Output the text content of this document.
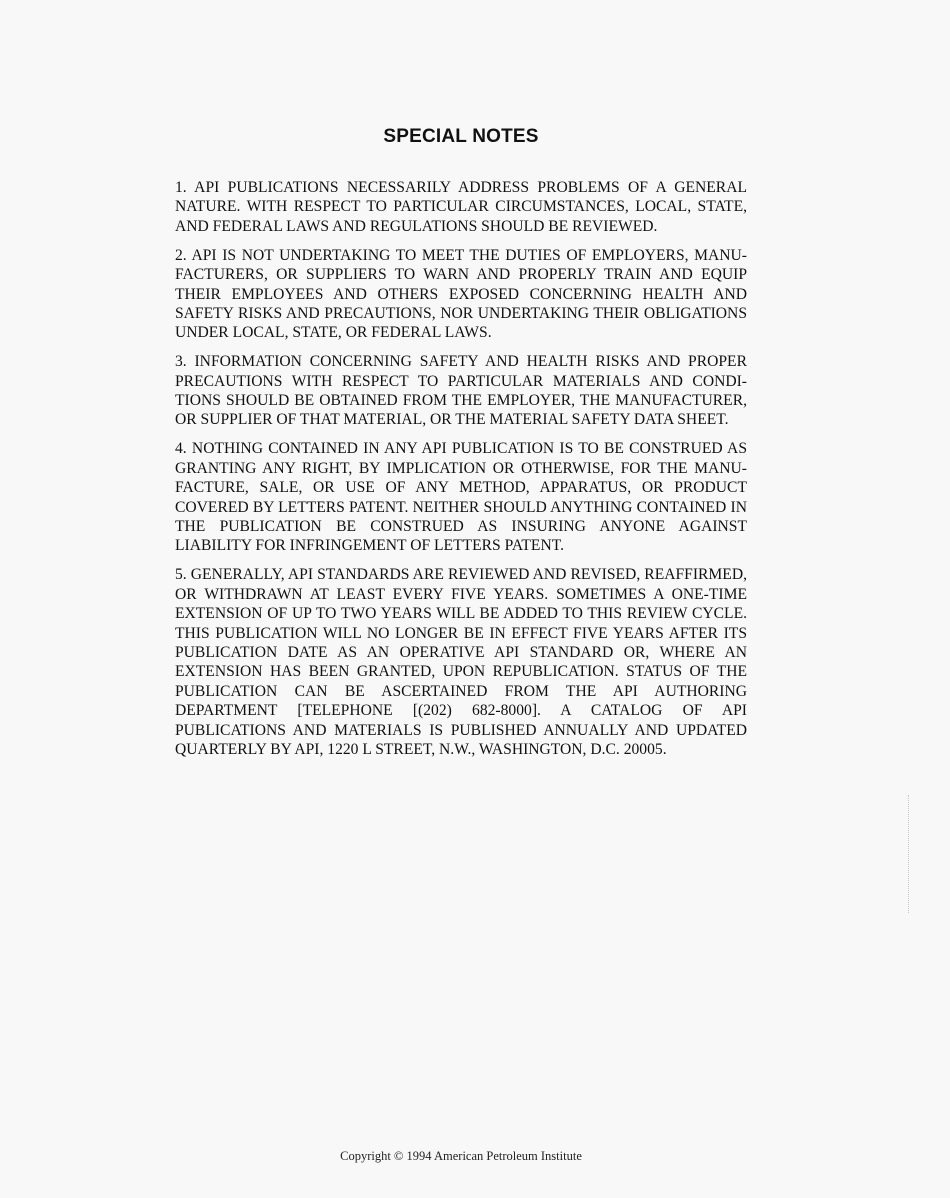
SPECIAL NOTES

1. API PUBLICATIONS NECESSARILY ADDRESS PROBLEMS OF A GENERAL NATURE. WITH RESPECT TO PARTICULAR CIRCUMSTANCES, LOCAL, STATE, AND FEDERAL LAWS AND REGULATIONS SHOULD BE REVIEWED.

2. API IS NOT UNDERTAKING TO MEET THE DUTIES OF EMPLOYERS, MANUFACTURERS, OR SUPPLIERS TO WARN AND PROPERLY TRAIN AND EQUIP THEIR EMPLOYEES AND OTHERS EXPOSED CONCERNING HEALTH AND SAFETY RISKS AND PRECAUTIONS, NOR UNDERTAKING THEIR OBLIGATIONS UNDER LOCAL, STATE, OR FEDERAL LAWS.

3. INFORMATION CONCERNING SAFETY AND HEALTH RISKS AND PROPER PRECAUTIONS WITH RESPECT TO PARTICULAR MATERIALS AND CONDITIONS SHOULD BE OBTAINED FROM THE EMPLOYER, THE MANUFACTURER, OR SUPPLIER OF THAT MATERIAL, OR THE MATERIAL SAFETY DATA SHEET.

4. NOTHING CONTAINED IN ANY API PUBLICATION IS TO BE CONSTRUED AS GRANTING ANY RIGHT, BY IMPLICATION OR OTHERWISE, FOR THE MANUFACTURE, SALE, OR USE OF ANY METHOD, APPARATUS, OR PRODUCT COVERED BY LETTERS PATENT. NEITHER SHOULD ANYTHING CONTAINED IN THE PUBLICATION BE CONSTRUED AS INSURING ANYONE AGAINST LIABILITY FOR INFRINGEMENT OF LETTERS PATENT.

5. GENERALLY, API STANDARDS ARE REVIEWED AND REVISED, REAFFIRMED, OR WITHDRAWN AT LEAST EVERY FIVE YEARS. SOMETIMES A ONE-TIME EXTENSION OF UP TO TWO YEARS WILL BE ADDED TO THIS REVIEW CYCLE. THIS PUBLICATION WILL NO LONGER BE IN EFFECT FIVE YEARS AFTER ITS PUBLICATION DATE AS AN OPERATIVE API STANDARD OR, WHERE AN EXTENSION HAS BEEN GRANTED, UPON REPUBLICATION. STATUS OF THE PUBLICATION CAN BE ASCERTAINED FROM THE API AUTHORING DEPARTMENT [TELEPHONE [(202) 682-8000]. A CATALOG OF API PUBLICATIONS AND MATERIALS IS PUBLISHED ANNUALLY AND UPDATED QUARTERLY BY API, 1220 L STREET, N.W., WASHINGTON, D.C. 20005.

Copyright © 1994 American Petroleum Institute
